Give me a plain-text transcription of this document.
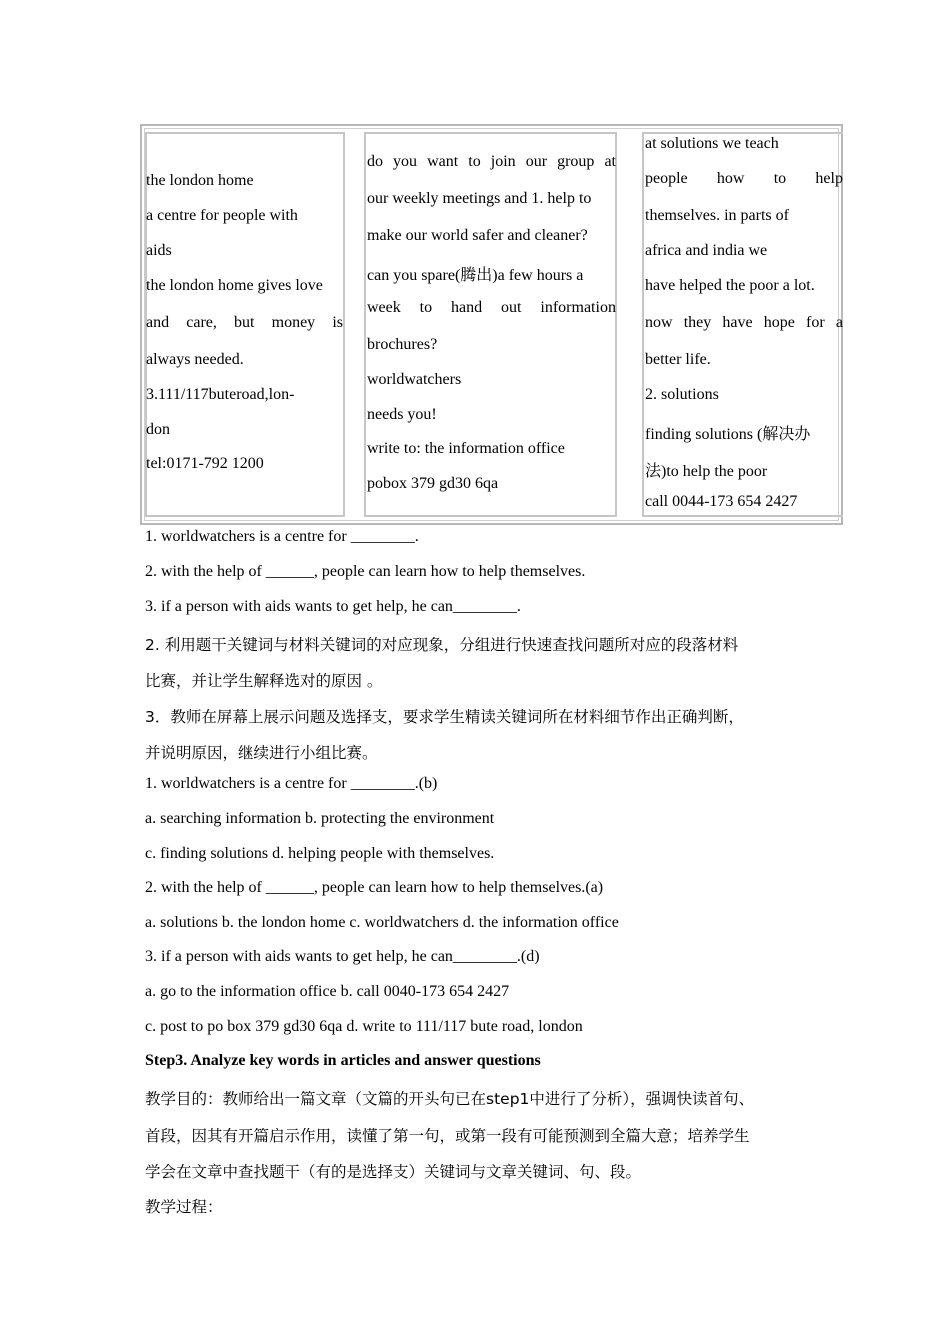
the london home
a centre for people with
aids
the london home gives love
and care, but money is
always needed.
3.111/117buteroad,lon-
don
tel:0171-792 1200
do you want to join our group at
our weekly meetings and 1. help to
make our world safer and cleaner?
can you spare(腾出)a few hours a
week to hand out information
brochures?
worldwatchers
needs you!
write to: the information office
pobox 379 gd30 6qa
at solutions we teach
people how to help
themselves. in parts of
africa and india we
have helped the poor a lot.
now they have hope for a
better life.
2. solutions
finding solutions (解决办
法)to help the poor
call 0044-173 654 2427
1. worldwatchers is a centre for ________.
2. with the help of ______, people can learn how to help themselves.
3. if a person with aids wants to get help, he can________.
2. 利用题干关键词与材料关键词的对应现象，分组进行快速查找问题所对应的段落材料
比赛，并让学生解释选对的原因 。
3．教师在屏幕上展示问题及选择支，要求学生精读关键词所在材料细节作出正确判断，
并说明原因，继续进行小组比赛。
1. worldwatchers is a centre for ________.(b)
a. searching information b. protecting the environment
c. finding solutions d. helping people with themselves.
2. with the help of ______, people can learn how to help themselves.(a)
a. solutions b. the london home c. worldwatchers d. the information office
3. if a person with aids wants to get help, he can________.(d)
a. go to the information office b. call 0040-173 654 2427
c. post to po box 379 gd30 6qa d. write to 111/117 bute road, london
Step3. Analyze key words in articles and answer questions
教学目的：教师给出一篇文章（文篇的开头句已在step1中进行了分析），强调快读首句、
首段，因其有开篇启示作用，读懂了第一句，或第一段有可能预测到全篇大意；培养学生
学会在文章中查找题干（有的是选择支）关键词与文章关键词、句、段。
教学过程：
